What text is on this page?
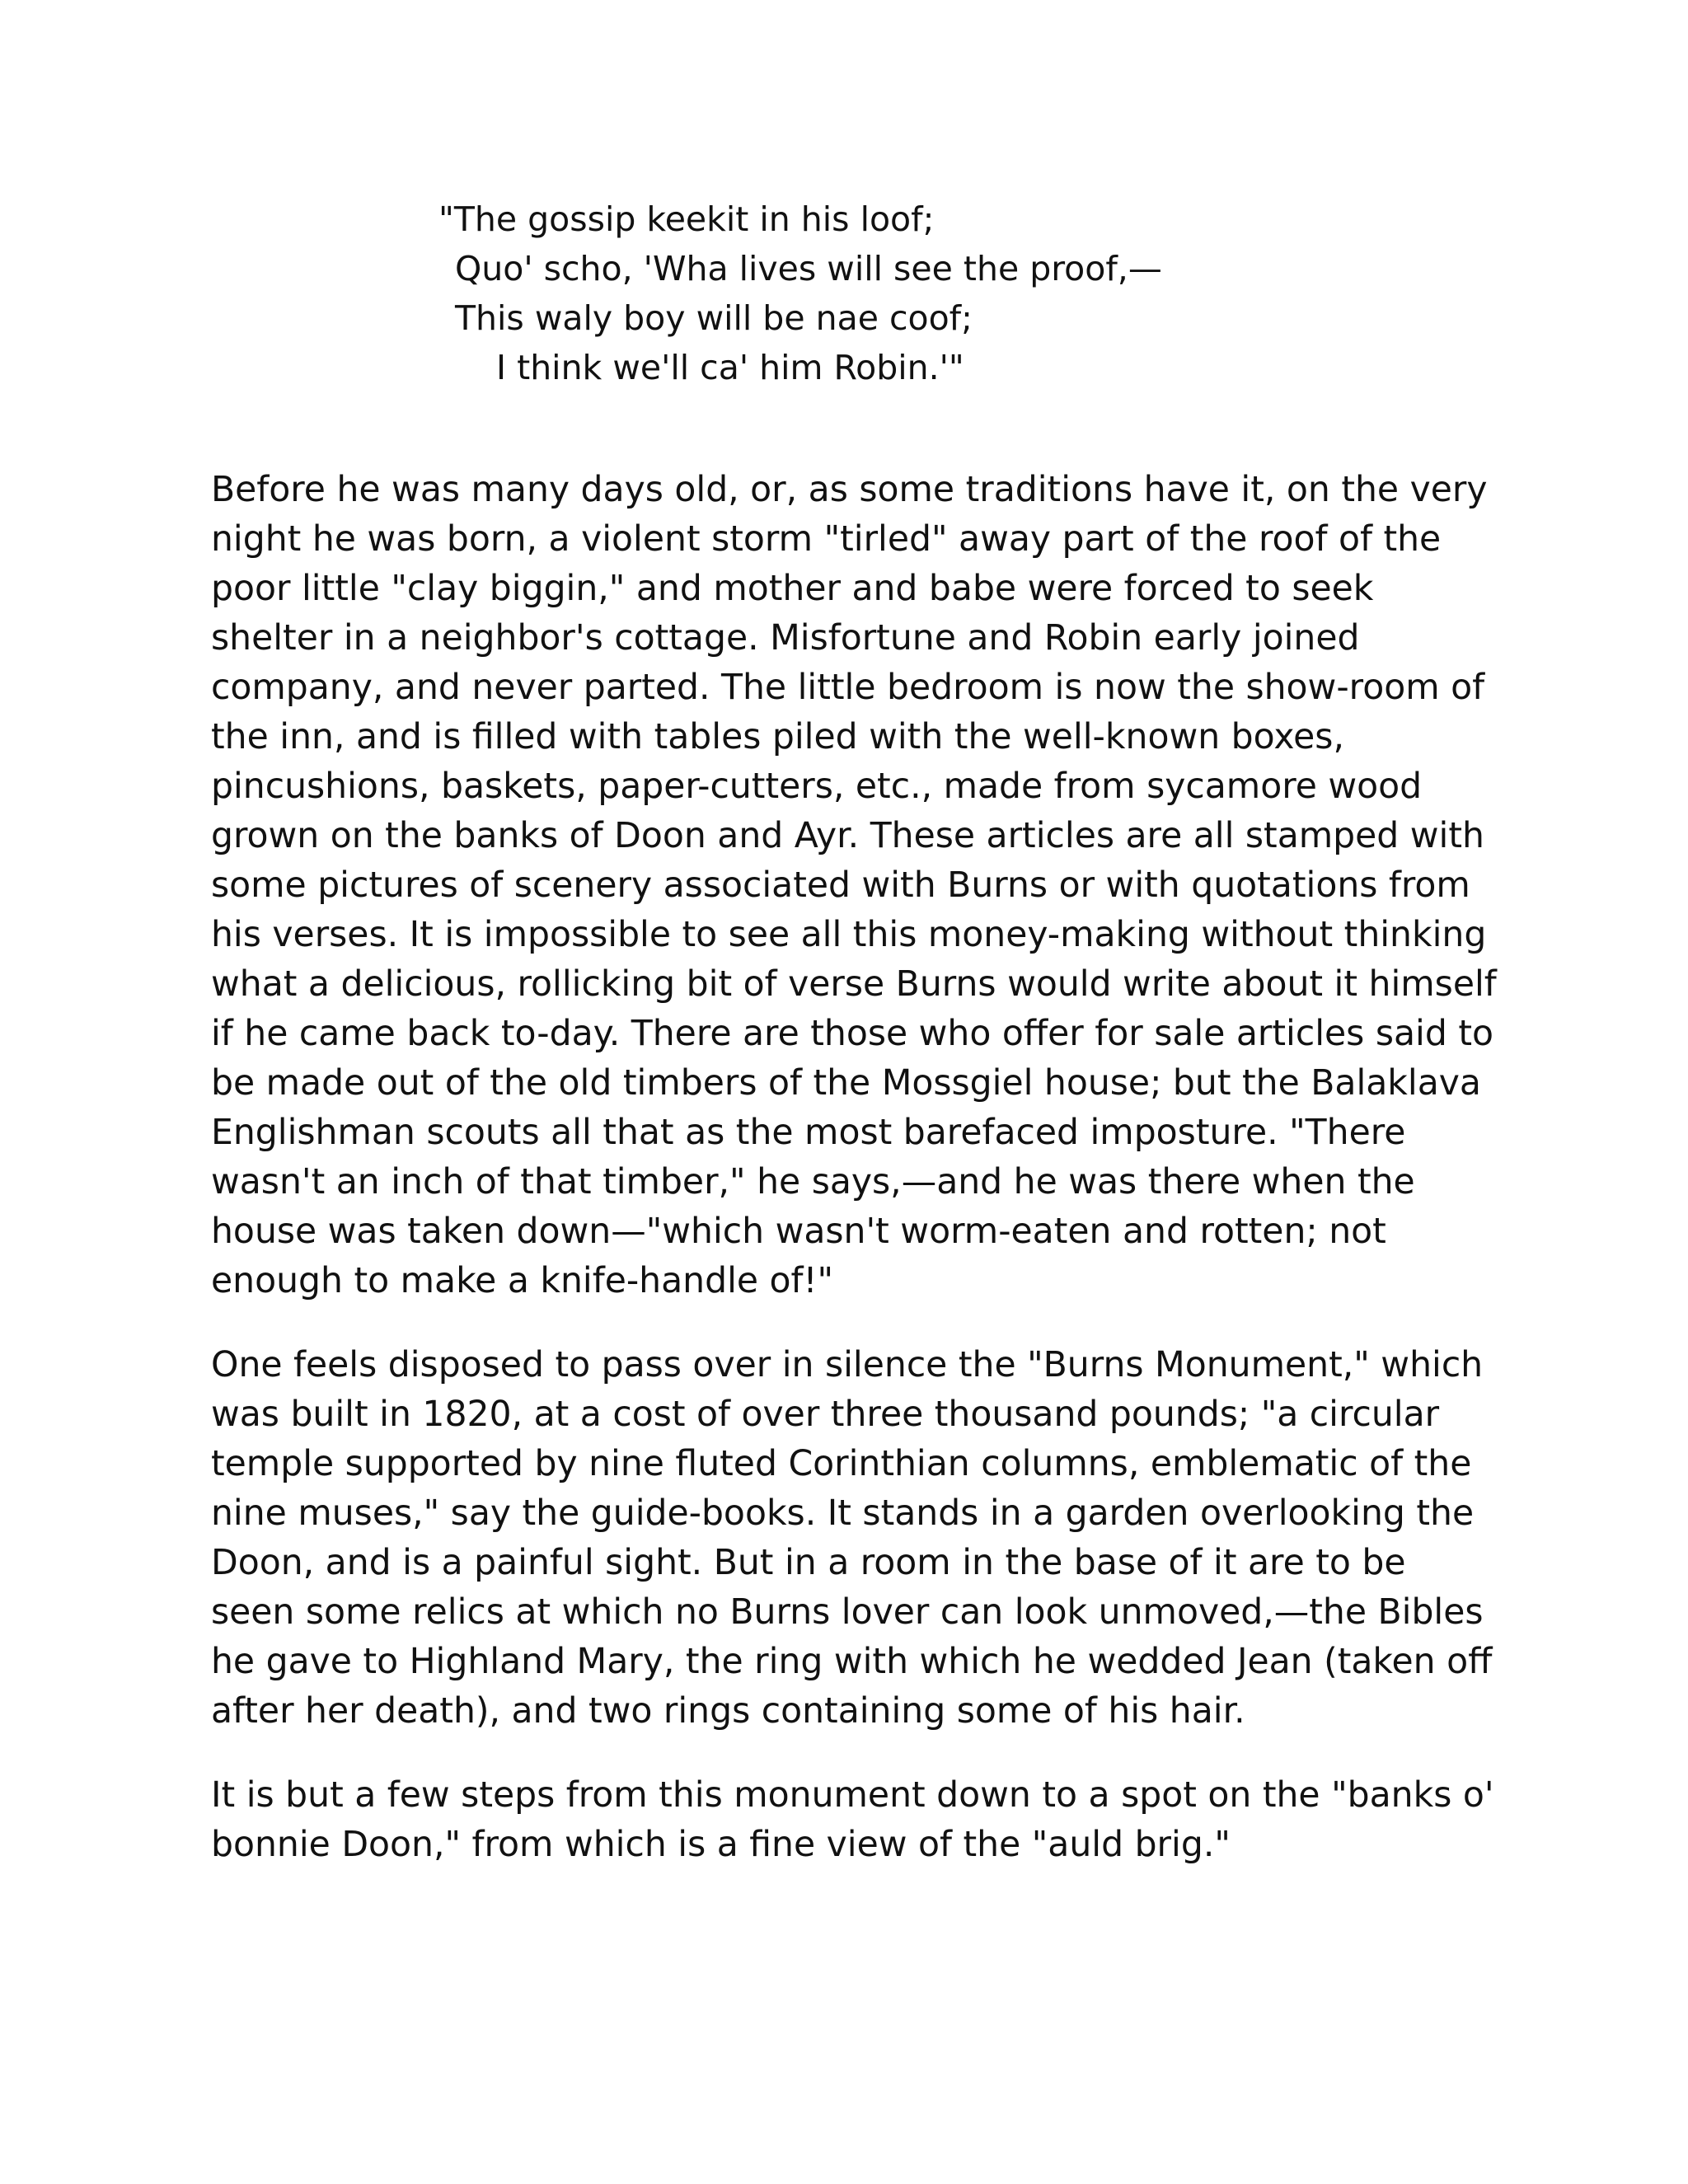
"The gossip keekit in his loof;
Quo' scho, 'Wha lives will see the proof,—
This waly boy will be nae coof;
I think we'll ca' him Robin.'"

Before he was many days old, or, as some traditions have it, on the very night he was born, a violent storm "tirled" away part of the roof of the poor little "clay biggin," and mother and babe were forced to seek shelter in a neighbor's cottage. Misfortune and Robin early joined company, and never parted. The little bedroom is now the show-room of the inn, and is filled with tables piled with the well-known boxes, pincushions, baskets, paper-cutters, etc., made from sycamore wood grown on the banks of Doon and Ayr. These articles are all stamped with some pictures of scenery associated with Burns or with quotations from his verses. It is impossible to see all this money-making without thinking what a delicious, rollicking bit of verse Burns would write about it himself if he came back to-day. There are those who offer for sale articles said to be made out of the old timbers of the Mossgiel house; but the Balaklava Englishman scouts all that as the most barefaced imposture. "There wasn't an inch of that timber," he says,—and he was there when the house was taken down—"which wasn't worm-eaten and rotten; not enough to make a knife-handle of!"

One feels disposed to pass over in silence the "Burns Monument," which was built in 1820, at a cost of over three thousand pounds; "a circular temple supported by nine fluted Corinthian columns, emblematic of the nine muses," say the guide-books. It stands in a garden overlooking the Doon, and is a painful sight. But in a room in the base of it are to be seen some relics at which no Burns lover can look unmoved,—the Bibles he gave to Highland Mary, the ring with which he wedded Jean (taken off after her death), and two rings containing some of his hair.

It is but a few steps from this monument down to a spot on the "banks o' bonnie Doon," from which is a fine view of the "auld brig."
